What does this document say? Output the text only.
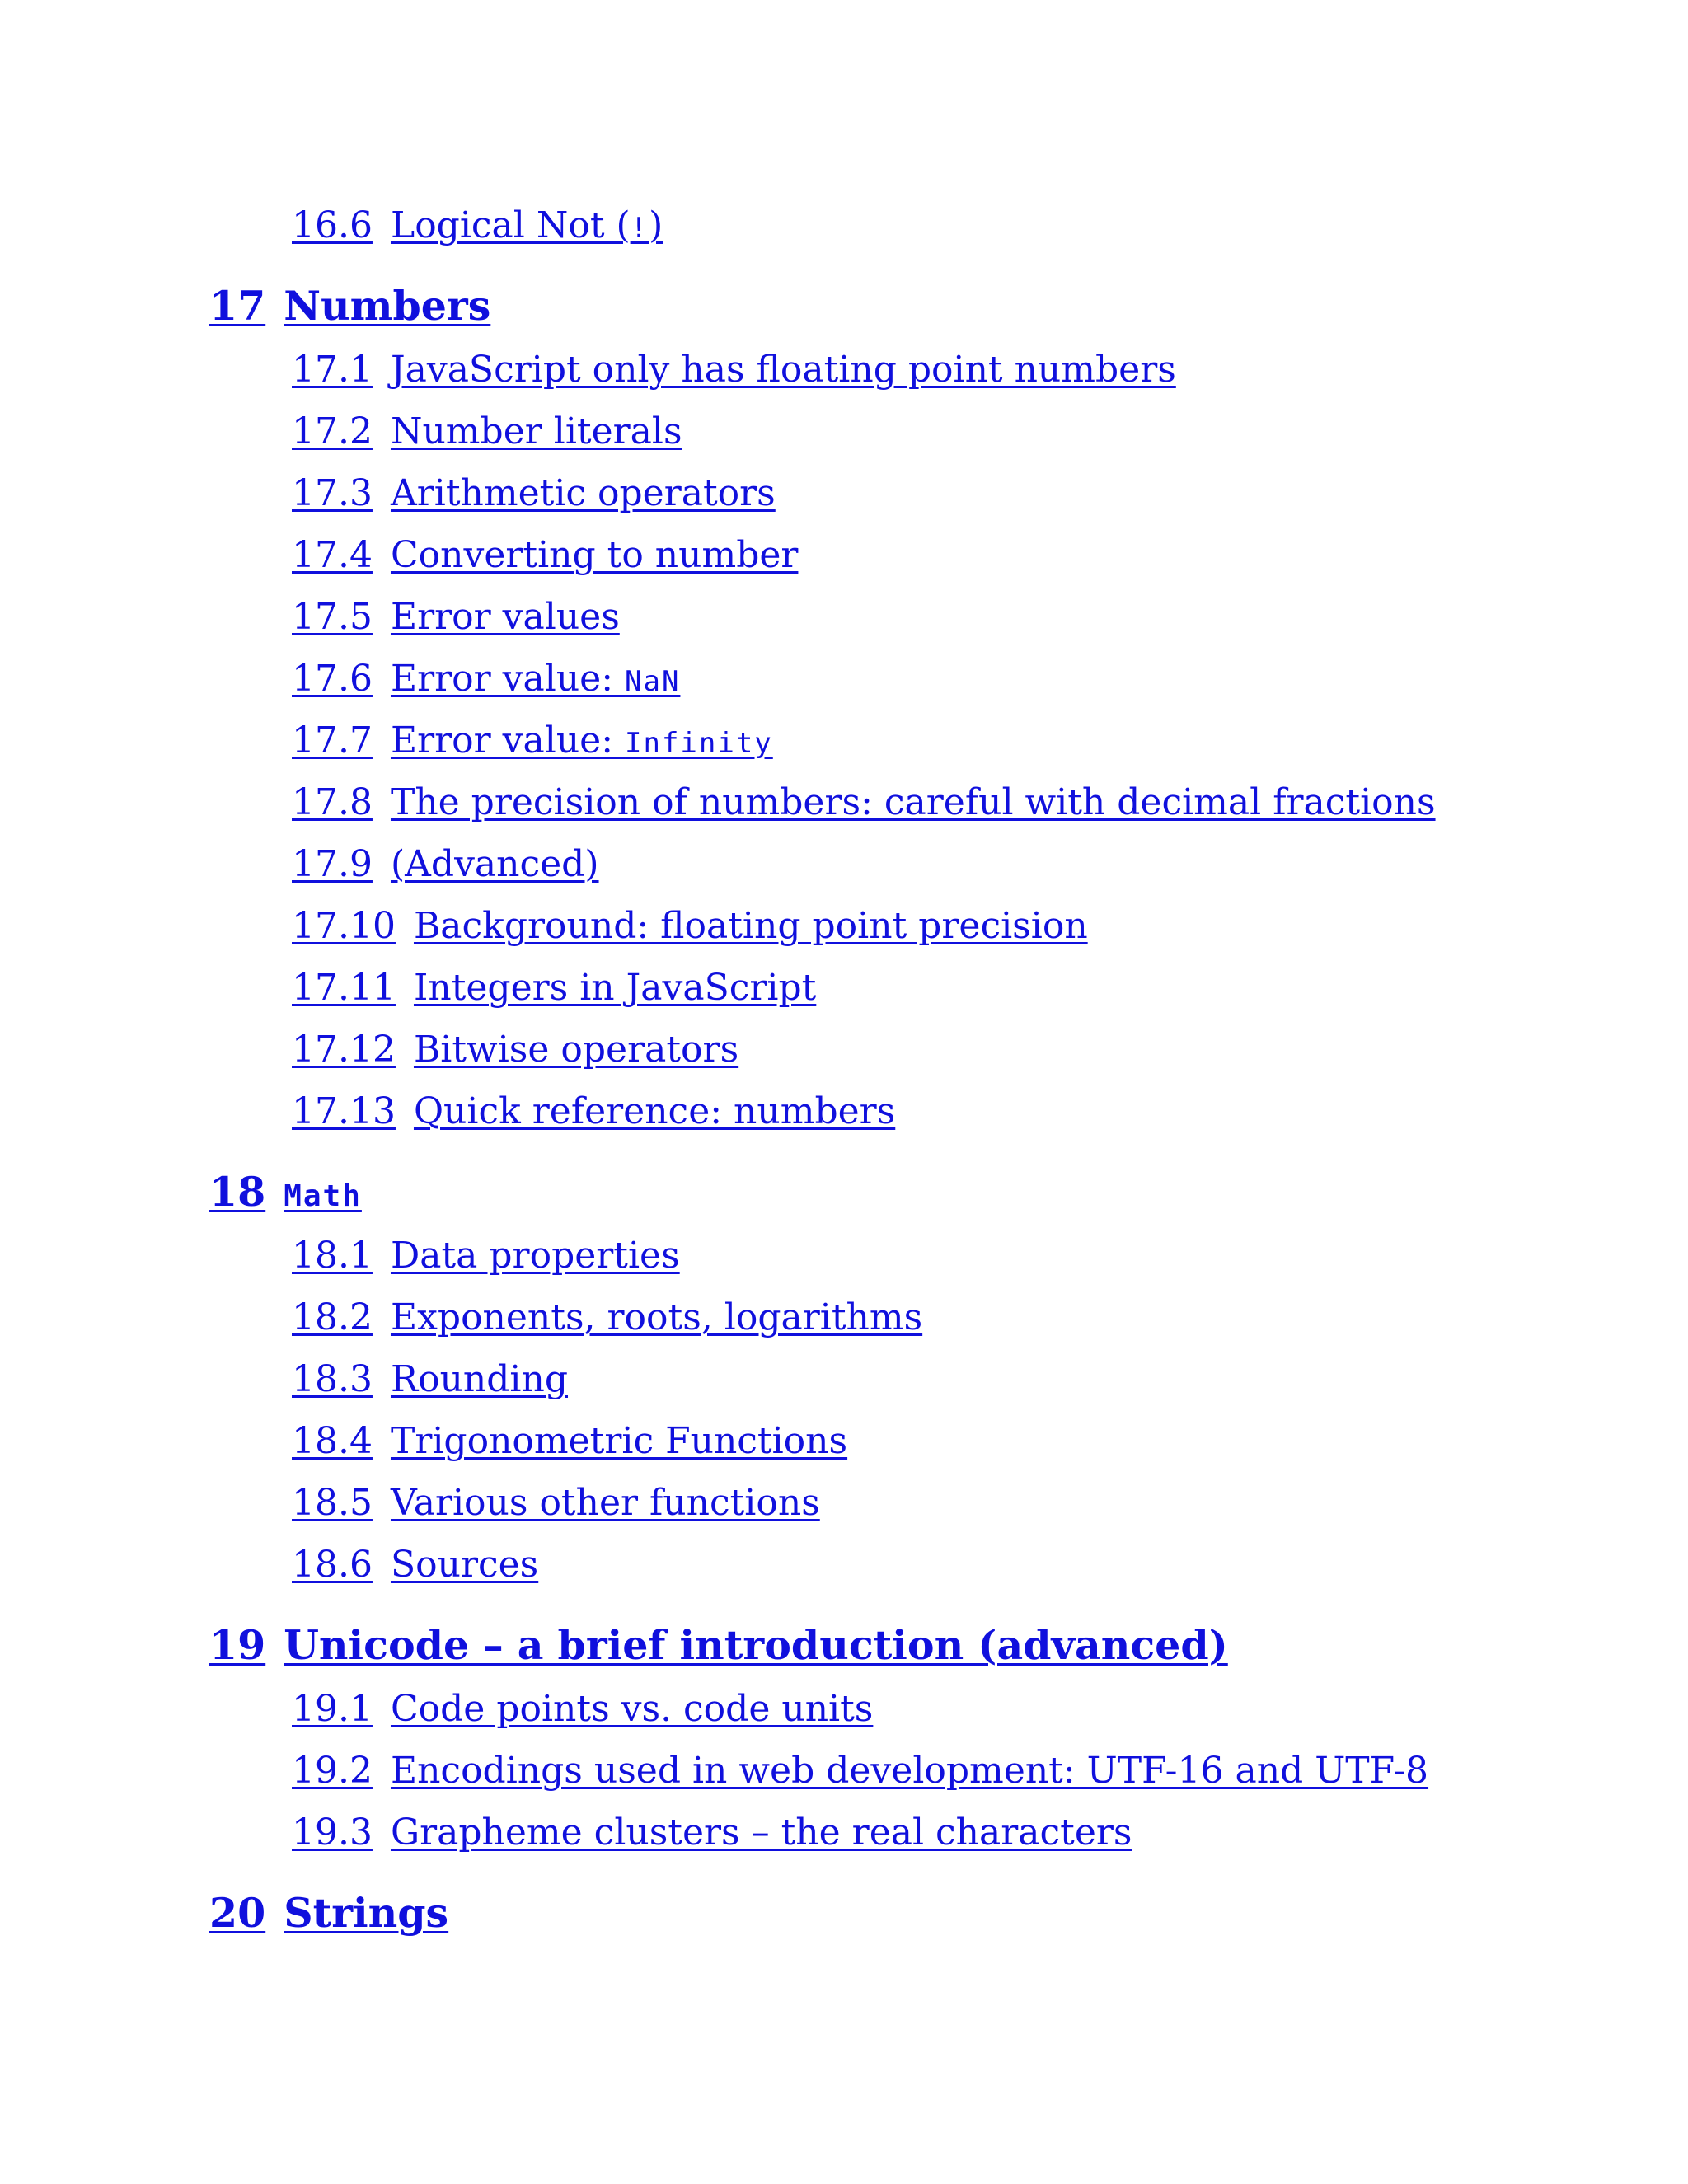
16.6 Logical Not (!)
17 Numbers
17.1 JavaScript only has floating point numbers
17.2 Number literals
17.3 Arithmetic operators
17.4 Converting to number
17.5 Error values
17.6 Error value: NaN
17.7 Error value: Infinity
17.8 The precision of numbers: careful with decimal fractions
17.9 (Advanced)
17.10 Background: floating point precision
17.11 Integers in JavaScript
17.12 Bitwise operators
17.13 Quick reference: numbers
18 Math
18.1 Data properties
18.2 Exponents, roots, logarithms
18.3 Rounding
18.4 Trigonometric Functions
18.5 Various other functions
18.6 Sources
19 Unicode – a brief introduction (advanced)
19.1 Code points vs. code units
19.2 Encodings used in web development: UTF-16 and UTF-8
19.3 Grapheme clusters – the real characters
20 Strings
